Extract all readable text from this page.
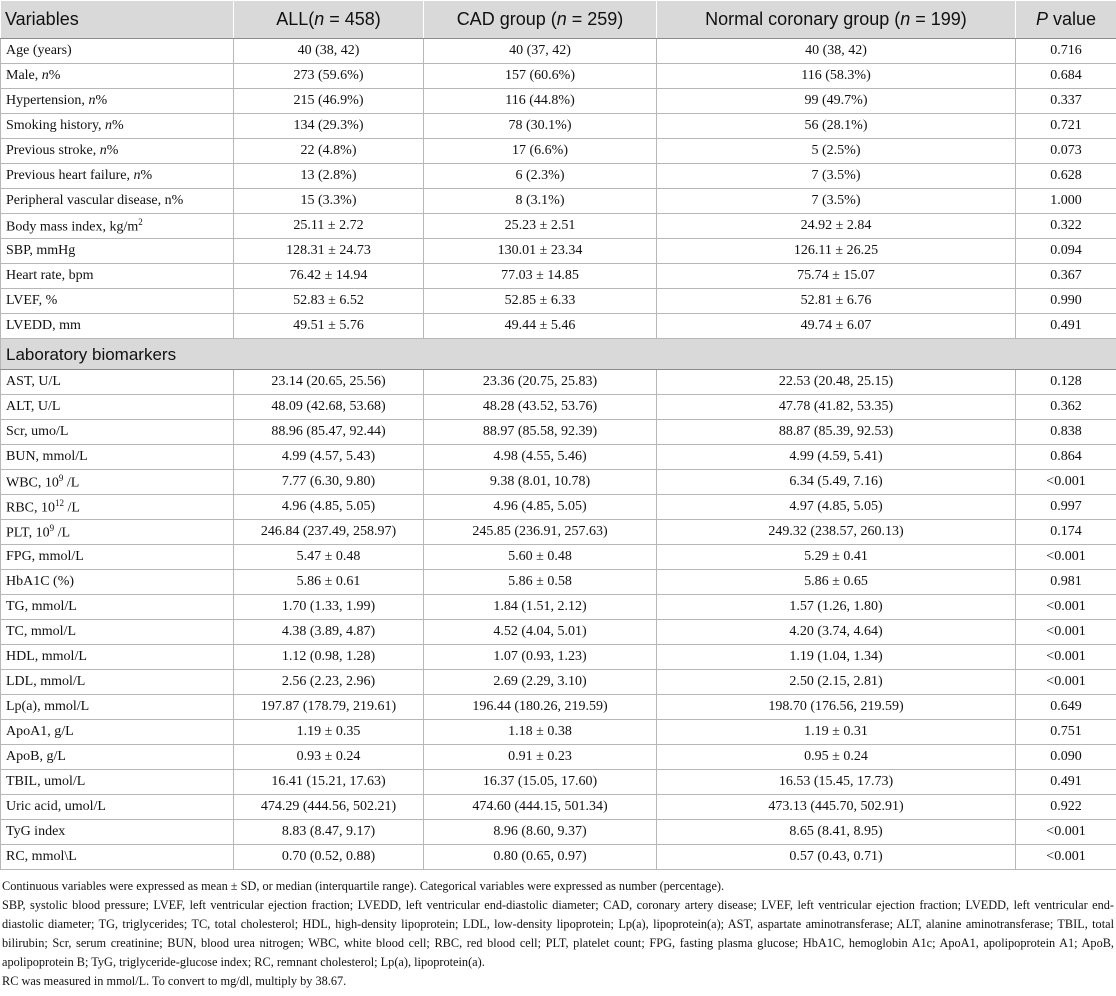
Variables	ALL(n = 458)	CAD group (n = 259)	Normal coronary group (n = 199)	P value
Age (years)	40 (38, 42)	40 (37, 42)	40 (38, 42)	0.716
Male, n%	273 (59.6%)	157 (60.6%)	116 (58.3%)	0.684
Hypertension, n%	215 (46.9%)	116 (44.8%)	99 (49.7%)	0.337
Smoking history, n%	134 (29.3%)	78 (30.1%)	56 (28.1%)	0.721
Previous stroke, n%	22 (4.8%)	17 (6.6%)	5 (2.5%)	0.073
Previous heart failure, n%	13 (2.8%)	6 (2.3%)	7 (3.5%)	0.628
Peripheral vascular disease, n%	15 (3.3%)	8 (3.1%)	7 (3.5%)	1.000
Body mass index, $kg/m^2$	25.11 ± 2.72	25.23 ± 2.51	24.92 ± 2.84	0.322
SBP, mmHg	128.31 ± 24.73	130.01 ± 23.34	126.11 ± 26.25	0.094
Heart rate, bpm	76.42 ± 14.94	77.03 ± 14.85	75.74 ± 15.07	0.367
LVEF, %	52.83 ± 6.52	52.85 ± 6.33	52.81 ± 6.76	0.990
LVEDD, mm	49.51 ± 5.76	49.44 ± 5.46	49.74 ± 6.07	0.491
Laboratory biomarkers				
AST, U/L	23.14 (20.65, 25.56)	23.36 (20.75, 25.83)	22.53 (20.48, 25.15)	0.128
ALT, U/L	48.09 (42.68, 53.68)	48.28 (43.52, 53.76)	47.78 (41.82, 53.35)	0.362
Scr, umo/L	88.96 (85.47, 92.44)	88.97 (85.58, 92.39)	88.87 (85.39, 92.53)	0.838
BUN, mmol/L	4.99 (4.57, 5.43)	4.98 (4.55, 5.46)	4.99 (4.59, 5.41)	0.864
WBC, $10^9$ /L	7.77 (6.30, 9.80)	9.38 (8.01, 10.78)	6.34 (5.49, 7.16)	<0.001
RBC, $10^{12}$ /L	4.96 (4.85, 5.05)	4.96 (4.85, 5.05)	4.97 (4.85, 5.05)	0.997
PLT, $10^9$ /L	246.84 (237.49, 258.97)	245.85 (236.91, 257.63)	249.32 (238.57, 260.13)	0.174
FPG, mmol/L	5.47 ± 0.48	5.60 ± 0.48	5.29 ± 0.41	<0.001
HbA1C (%)	5.86 ± 0.61	5.86 ± 0.58	5.86 ± 0.65	0.981
TG, mmol/L	1.70 (1.33, 1.99)	1.84 (1.51, 2.12)	1.57 (1.26, 1.80)	<0.001
TC, mmol/L	4.38 (3.89, 4.87)	4.52 (4.04, 5.01)	4.20 (3.74, 4.64)	<0.001
HDL, mmol/L	1.12 (0.98, 1.28)	1.07 (0.93, 1.23)	1.19 (1.04, 1.34)	<0.001
LDL, mmol/L	2.56 (2.23, 2.96)	2.69 (2.29, 3.10)	2.50 (2.15, 2.81)	<0.001
Lp(a), mmol/L	197.87 (178.79, 219.61)	196.44 (180.26, 219.59)	198.70 (176.56, 219.59)	0.649
ApoA1, g/L	1.19 ± 0.35	1.18 ± 0.38	1.19 ± 0.31	0.751
ApoB, g/L	0.93 ± 0.24	0.91 ± 0.23	0.95 ± 0.24	0.090
TBIL, umol/L	16.41 (15.21, 17.63)	16.37 (15.05, 17.60)	16.53 (15.45, 17.73)	0.491
Uric acid, umol/L	474.29 (444.56, 502.21)	474.60 (444.15, 501.34)	473.13 (445.70, 502.91)	0.922
TyG index	8.83 (8.47, 9.17)	8.96 (8.60, 9.37)	8.65 (8.41, 8.95)	<0.001
RC, mmol\L	0.70 (0.52, 0.88)	0.80 (0.65, 0.97)	0.57 (0.43, 0.71)	<0.001

Continuous variables were expressed as mean ± SD, or median (interquartile range). Categorical variables were expressed as number (percentage).

SBP, systolic blood pressure; LVEF, left ventricular ejection fraction; LVEDD, left ventricular end-diastolic diameter; CAD, coronary artery disease; LVEF, left ventricular ejection fraction; LVEDD, left ventricular end-diastolic diameter; TG, triglycerides; TC, total cholesterol; HDL, high-density lipoprotein; LDL, low-density lipoprotein; Lp(a), lipoprotein(a); AST, aspartate aminotransferase; ALT, alanine aminotransferase; TBIL, total bilirubin; Scr, serum creatinine; BUN, blood urea nitrogen; WBC, white blood cell; RBC, red blood cell; PLT, platelet count; FPG, fasting plasma glucose; HbA1C, hemoglobin A1c; ApoA1, apolipoprotein A1; ApoB, apolipoprotein B; TyG, triglyceride-glucose index; RC, remnant cholesterol; Lp(a), lipoprotein(a).

RC was measured in mmol/L. To convert to mg/dl, multiply by 38.67.
